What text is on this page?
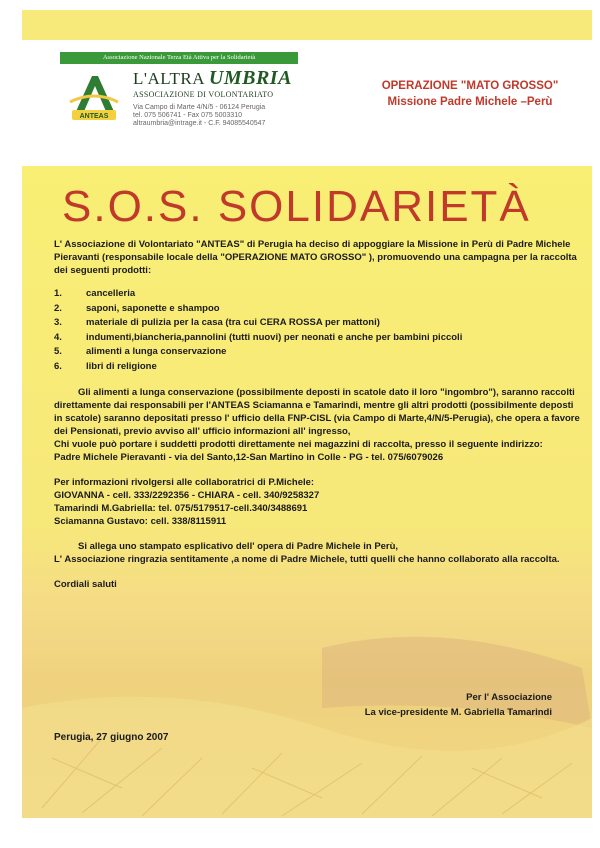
Associazione Nazionale Terza Età Attiva per la Solidarietà
ANTEAS
L'ALTRA UMBRIA
ASSOCIAZIONE DI VOLONTARIATO
Via Campo di Marte 4/N/5 - 06124 Perugia
tel. 075 506741 - Fax 075 5003310
altraumbria@intrage.it - C.F. 94085540547
OPERAZIONE "MATO GROSSO"
Missione Padre Michele –Perù
S.O.S. SOLIDARIETÀ

L' Associazione di Volontariato "ANTEAS" di Perugia ha deciso di appoggiare la Missione in Perù di Padre Michele Pieravanti (responsabile locale della "OPERAZIONE MATO GROSSO" ), promuovendo una campagna per la raccolta dei seguenti prodotti:

1.	cancelleria
2.	saponi, saponette e shampoo
3.	materiale di pulizia per la casa (tra cui CERA ROSSA per mattoni)
4.	indumenti,biancheria,pannolini (tutti nuovi) per neonati e anche per bambini piccoli
5.	alimenti a lunga conservazione
6.	libri di religione

Gli alimenti a lunga conservazione (possibilmente deposti in scatole dato il loro "ingombro"), saranno raccolti direttamente dai responsabili per l'ANTEAS Sciamanna e Tamarindi, mentre gli altri prodotti (possibilmente deposti in scatole) saranno depositati presso l' ufficio della FNP-CISL (via Campo di Marte,4/N/5-Perugia), che opera a favore dei Pensionati, previo avviso all' ufficio informazioni all' ingresso,

Chi vuole può portare i suddetti prodotti direttamente nei magazzini di raccolta, presso il seguente indirizzo:

Padre Michele Pieravanti - via del Santo,12-San Martino in Colle - PG - tel. 075/6079026

Per informazioni rivolgersi alle collaboratrici di P.Michele:

GIOVANNA - cell. 333/2292356 - CHIARA - cell. 340/9258327

Tamarindi M.Gabriella: tel. 075/5179517-cell.340/3488691

Sciamanna Gustavo: cell. 338/8115911

Si allega uno stampato esplicativo dell' opera di Padre Michele in Perù,

L' Associazione ringrazia sentitamente ,a nome di Padre Michele, tutti quelli che hanno collaborato alla raccolta.

Cordiali saluti

Per l' Associazione
La vice-presidente M. Gabriella Tamarindi
Perugia, 27 giugno 2007
